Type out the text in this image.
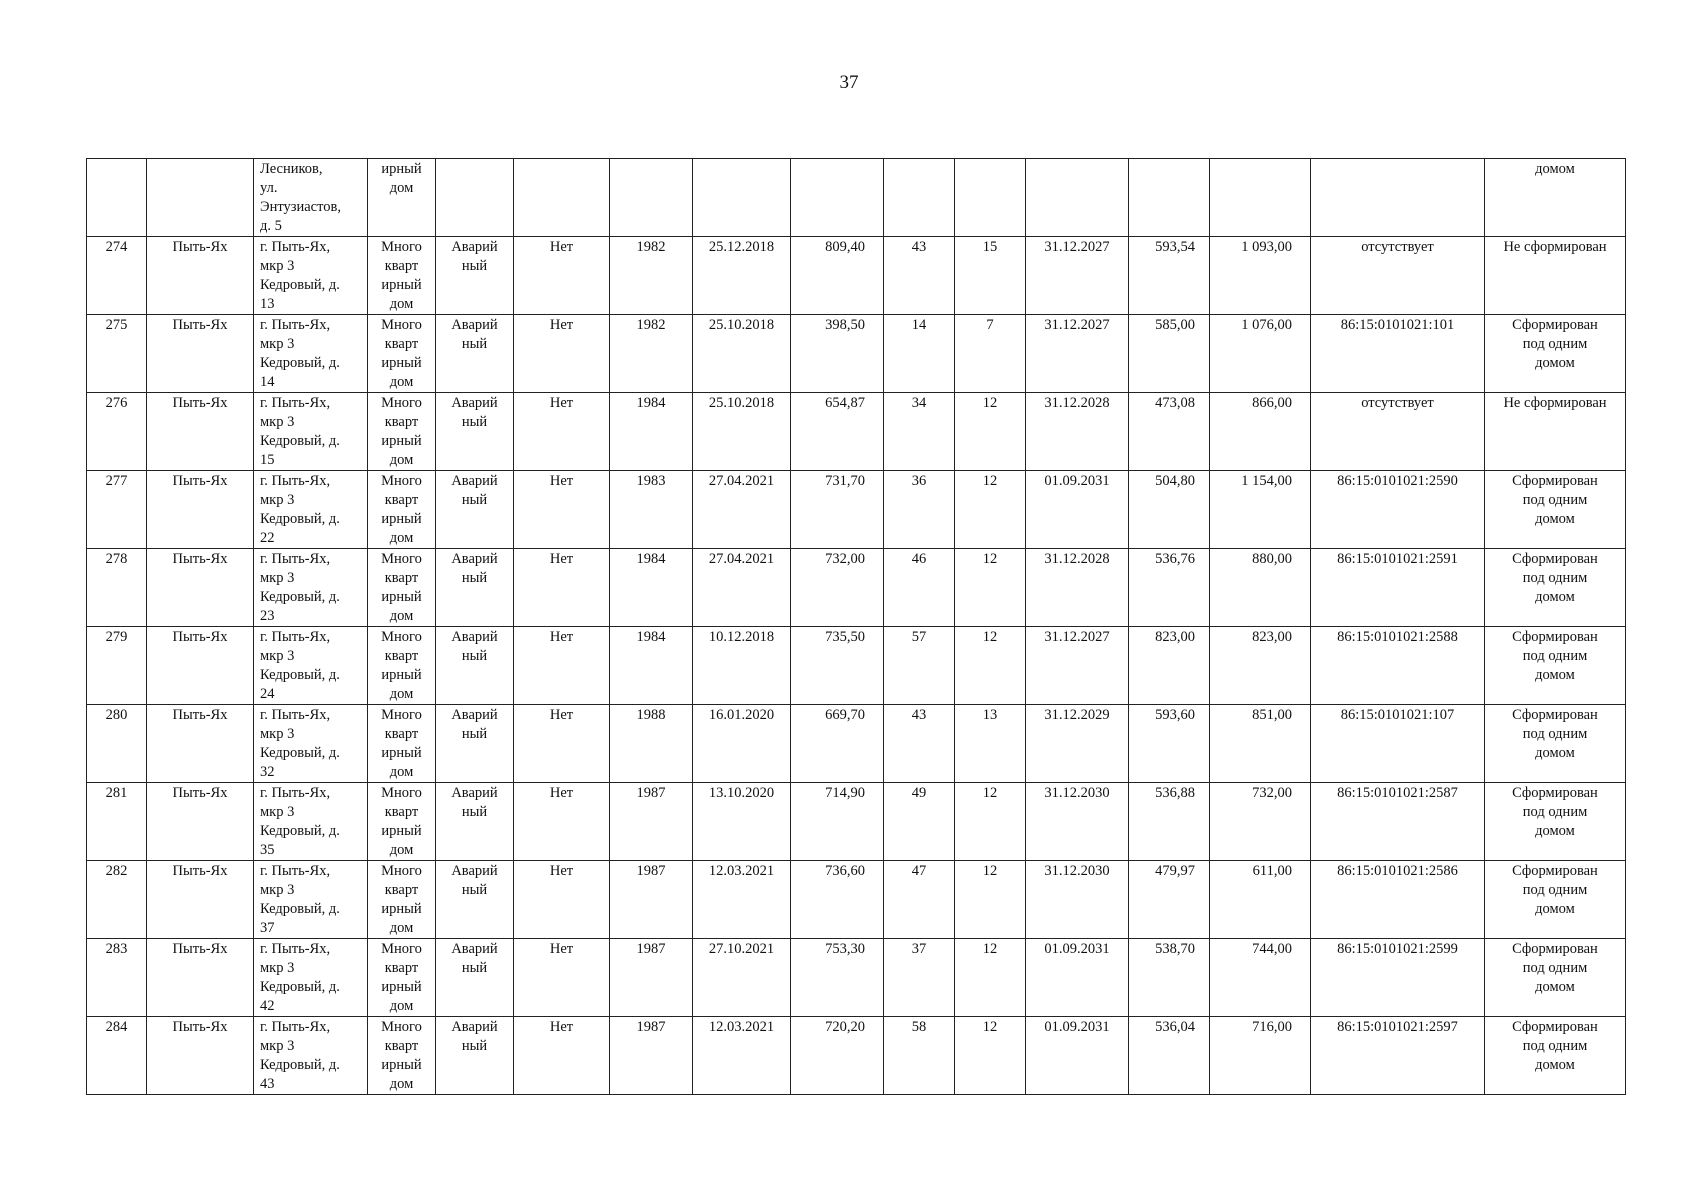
37
		Лесников,
ул.
Энтузиастов,
д. 5	ирный
дом												домом
274	Пыть-Ях	г. Пыть-Ях,
мкр 3
Кедровый, д.
13	Много
кварт
ирный
дом	Аварий
ный	Нет	1982	25.12.2018	809,40	43	15	31.12.2027	593,54	1 093,00	отсутствует	Не сформирован
275	Пыть-Ях	г. Пыть-Ях,
мкр 3
Кедровый, д.
14	Много
кварт
ирный
дом	Аварий
ный	Нет	1982	25.10.2018	398,50	14	7	31.12.2027	585,00	1 076,00	86:15:0101021:101	Сформирован
под одним
домом
276	Пыть-Ях	г. Пыть-Ях,
мкр 3
Кедровый, д.
15	Много
кварт
ирный
дом	Аварий
ный	Нет	1984	25.10.2018	654,87	34	12	31.12.2028	473,08	866,00	отсутствует	Не сформирован
277	Пыть-Ях	г. Пыть-Ях,
мкр 3
Кедровый, д.
22	Много
кварт
ирный
дом	Аварий
ный	Нет	1983	27.04.2021	731,70	36	12	01.09.2031	504,80	1 154,00	86:15:0101021:2590	Сформирован
под одним
домом
278	Пыть-Ях	г. Пыть-Ях,
мкр 3
Кедровый, д.
23	Много
кварт
ирный
дом	Аварий
ный	Нет	1984	27.04.2021	732,00	46	12	31.12.2028	536,76	880,00	86:15:0101021:2591	Сформирован
под одним
домом
279	Пыть-Ях	г. Пыть-Ях,
мкр 3
Кедровый, д.
24	Много
кварт
ирный
дом	Аварий
ный	Нет	1984	10.12.2018	735,50	57	12	31.12.2027	823,00	823,00	86:15:0101021:2588	Сформирован
под одним
домом
280	Пыть-Ях	г. Пыть-Ях,
мкр 3
Кедровый, д.
32	Много
кварт
ирный
дом	Аварий
ный	Нет	1988	16.01.2020	669,70	43	13	31.12.2029	593,60	851,00	86:15:0101021:107	Сформирован
под одним
домом
281	Пыть-Ях	г. Пыть-Ях,
мкр 3
Кедровый, д.
35	Много
кварт
ирный
дом	Аварий
ный	Нет	1987	13.10.2020	714,90	49	12	31.12.2030	536,88	732,00	86:15:0101021:2587	Сформирован
под одним
домом
282	Пыть-Ях	г. Пыть-Ях,
мкр 3
Кедровый, д.
37	Много
кварт
ирный
дом	Аварий
ный	Нет	1987	12.03.2021	736,60	47	12	31.12.2030	479,97	611,00	86:15:0101021:2586	Сформирован
под одним
домом
283	Пыть-Ях	г. Пыть-Ях,
мкр 3
Кедровый, д.
42	Много
кварт
ирный
дом	Аварий
ный	Нет	1987	27.10.2021	753,30	37	12	01.09.2031	538,70	744,00	86:15:0101021:2599	Сформирован
под одним
домом
284	Пыть-Ях	г. Пыть-Ях,
мкр 3
Кедровый, д.
43	Много
кварт
ирный
дом	Аварий
ный	Нет	1987	12.03.2021	720,20	58	12	01.09.2031	536,04	716,00	86:15:0101021:2597	Сформирован
под одним
домом
